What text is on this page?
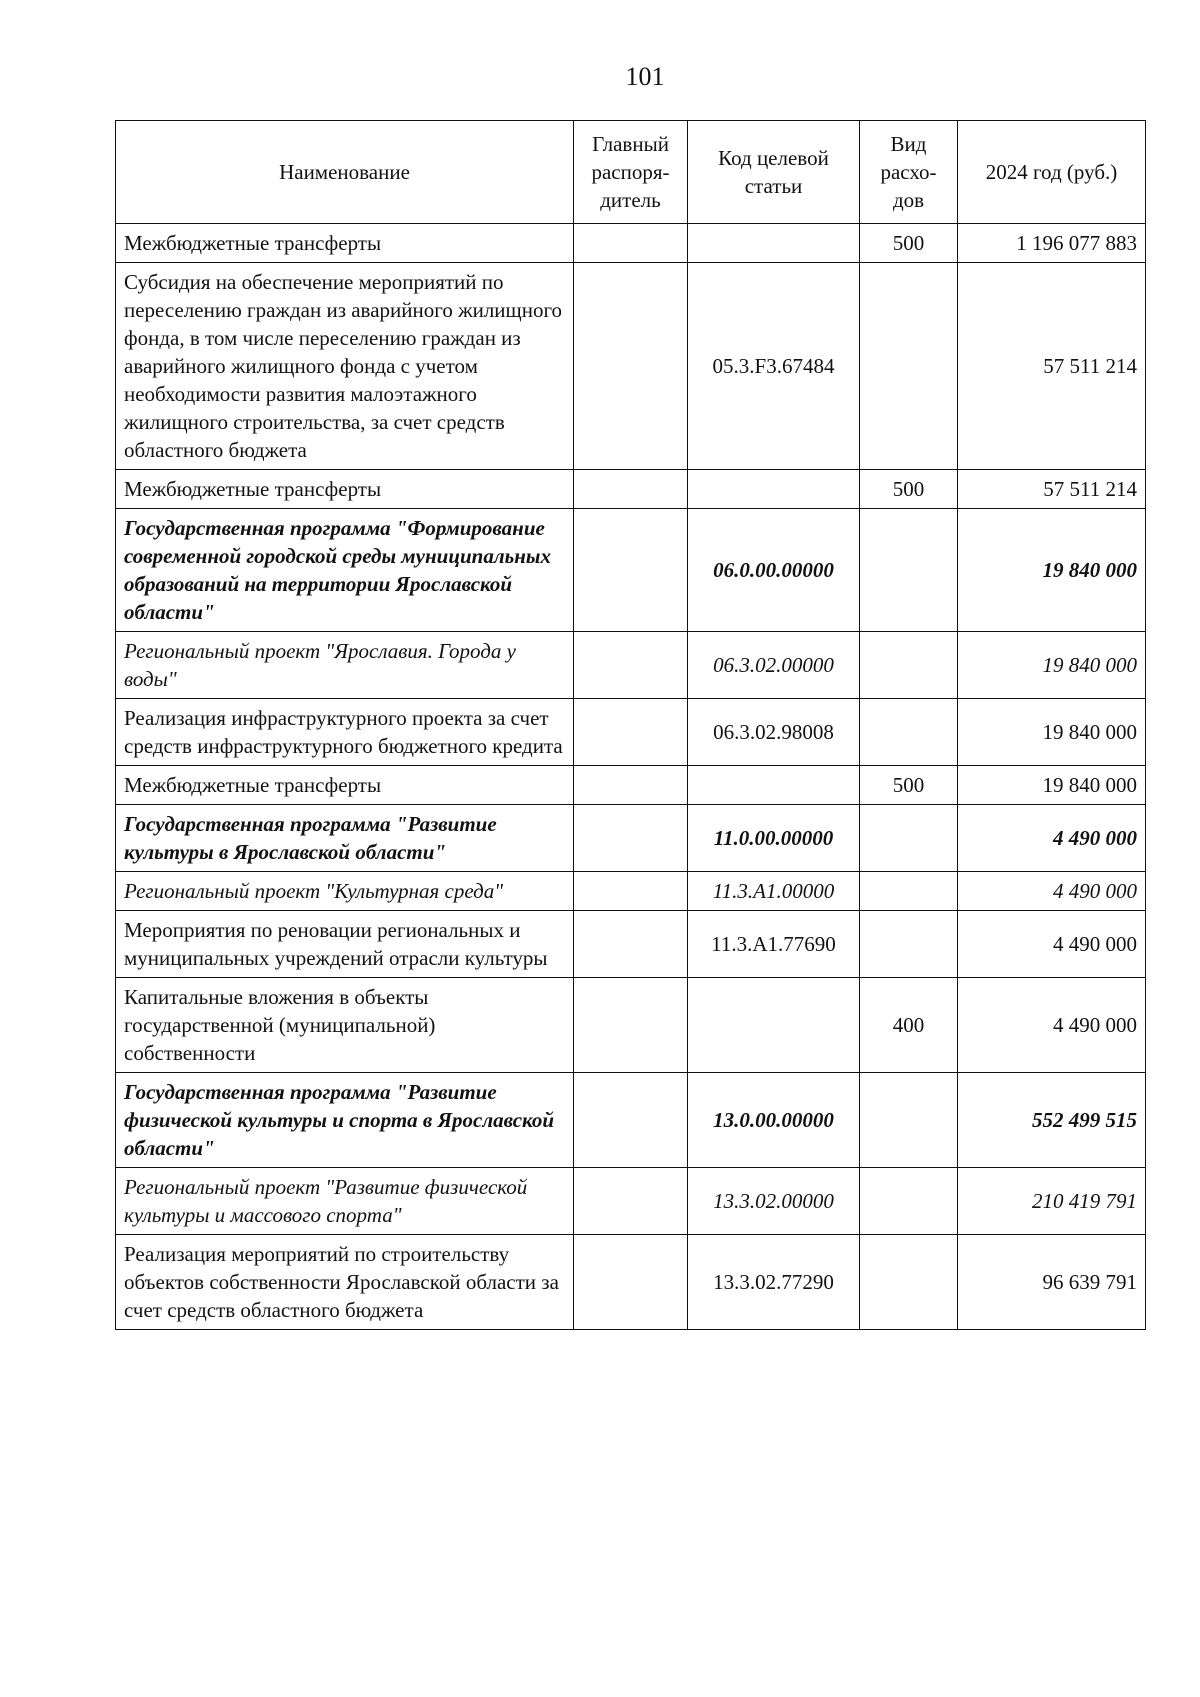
101
Наименование	Главный распоря-дитель	Код целевой статьи	Вид расхо-дов	2024 год (руб.)
Межбюджетные трансферты			500	1 196 077 883
Субсидия на обеспечение мероприятий по переселению граждан из аварийного жилищного фонда, в том числе переселению граждан из аварийного жилищного фонда с учетом необходимости развития малоэтажного жилищного строительства, за счет средств областного бюджета		05.3.F3.67484		57 511 214
Межбюджетные трансферты			500	57 511 214
Государственная программа "Формирование современной городской среды муниципальных образований на территории Ярославской области"		06.0.00.00000		19 840 000
Региональный проект "Ярославия. Города у воды"		06.3.02.00000		19 840 000
Реализация инфраструктурного проекта за счет средств инфраструктурного бюджетного кредита		06.3.02.98008		19 840 000
Межбюджетные трансферты			500	19 840 000
Государственная программа "Развитие культуры в Ярославской области"		11.0.00.00000		4 490 000
Региональный проект "Культурная среда"		11.3.A1.00000		4 490 000
Мероприятия по реновации региональных и муниципальных учреждений отрасли культуры		11.3.A1.77690		4 490 000
Капитальные вложения в объекты государственной (муниципальной) собственности			400	4 490 000
Государственная программа "Развитие физической культуры и спорта в Ярославской области"		13.0.00.00000		552 499 515
Региональный проект "Развитие физической культуры и массового спорта"		13.3.02.00000		210 419 791
Реализация мероприятий по строительству объектов собственности Ярославской области за счет средств областного бюджета		13.3.02.77290		96 639 791
